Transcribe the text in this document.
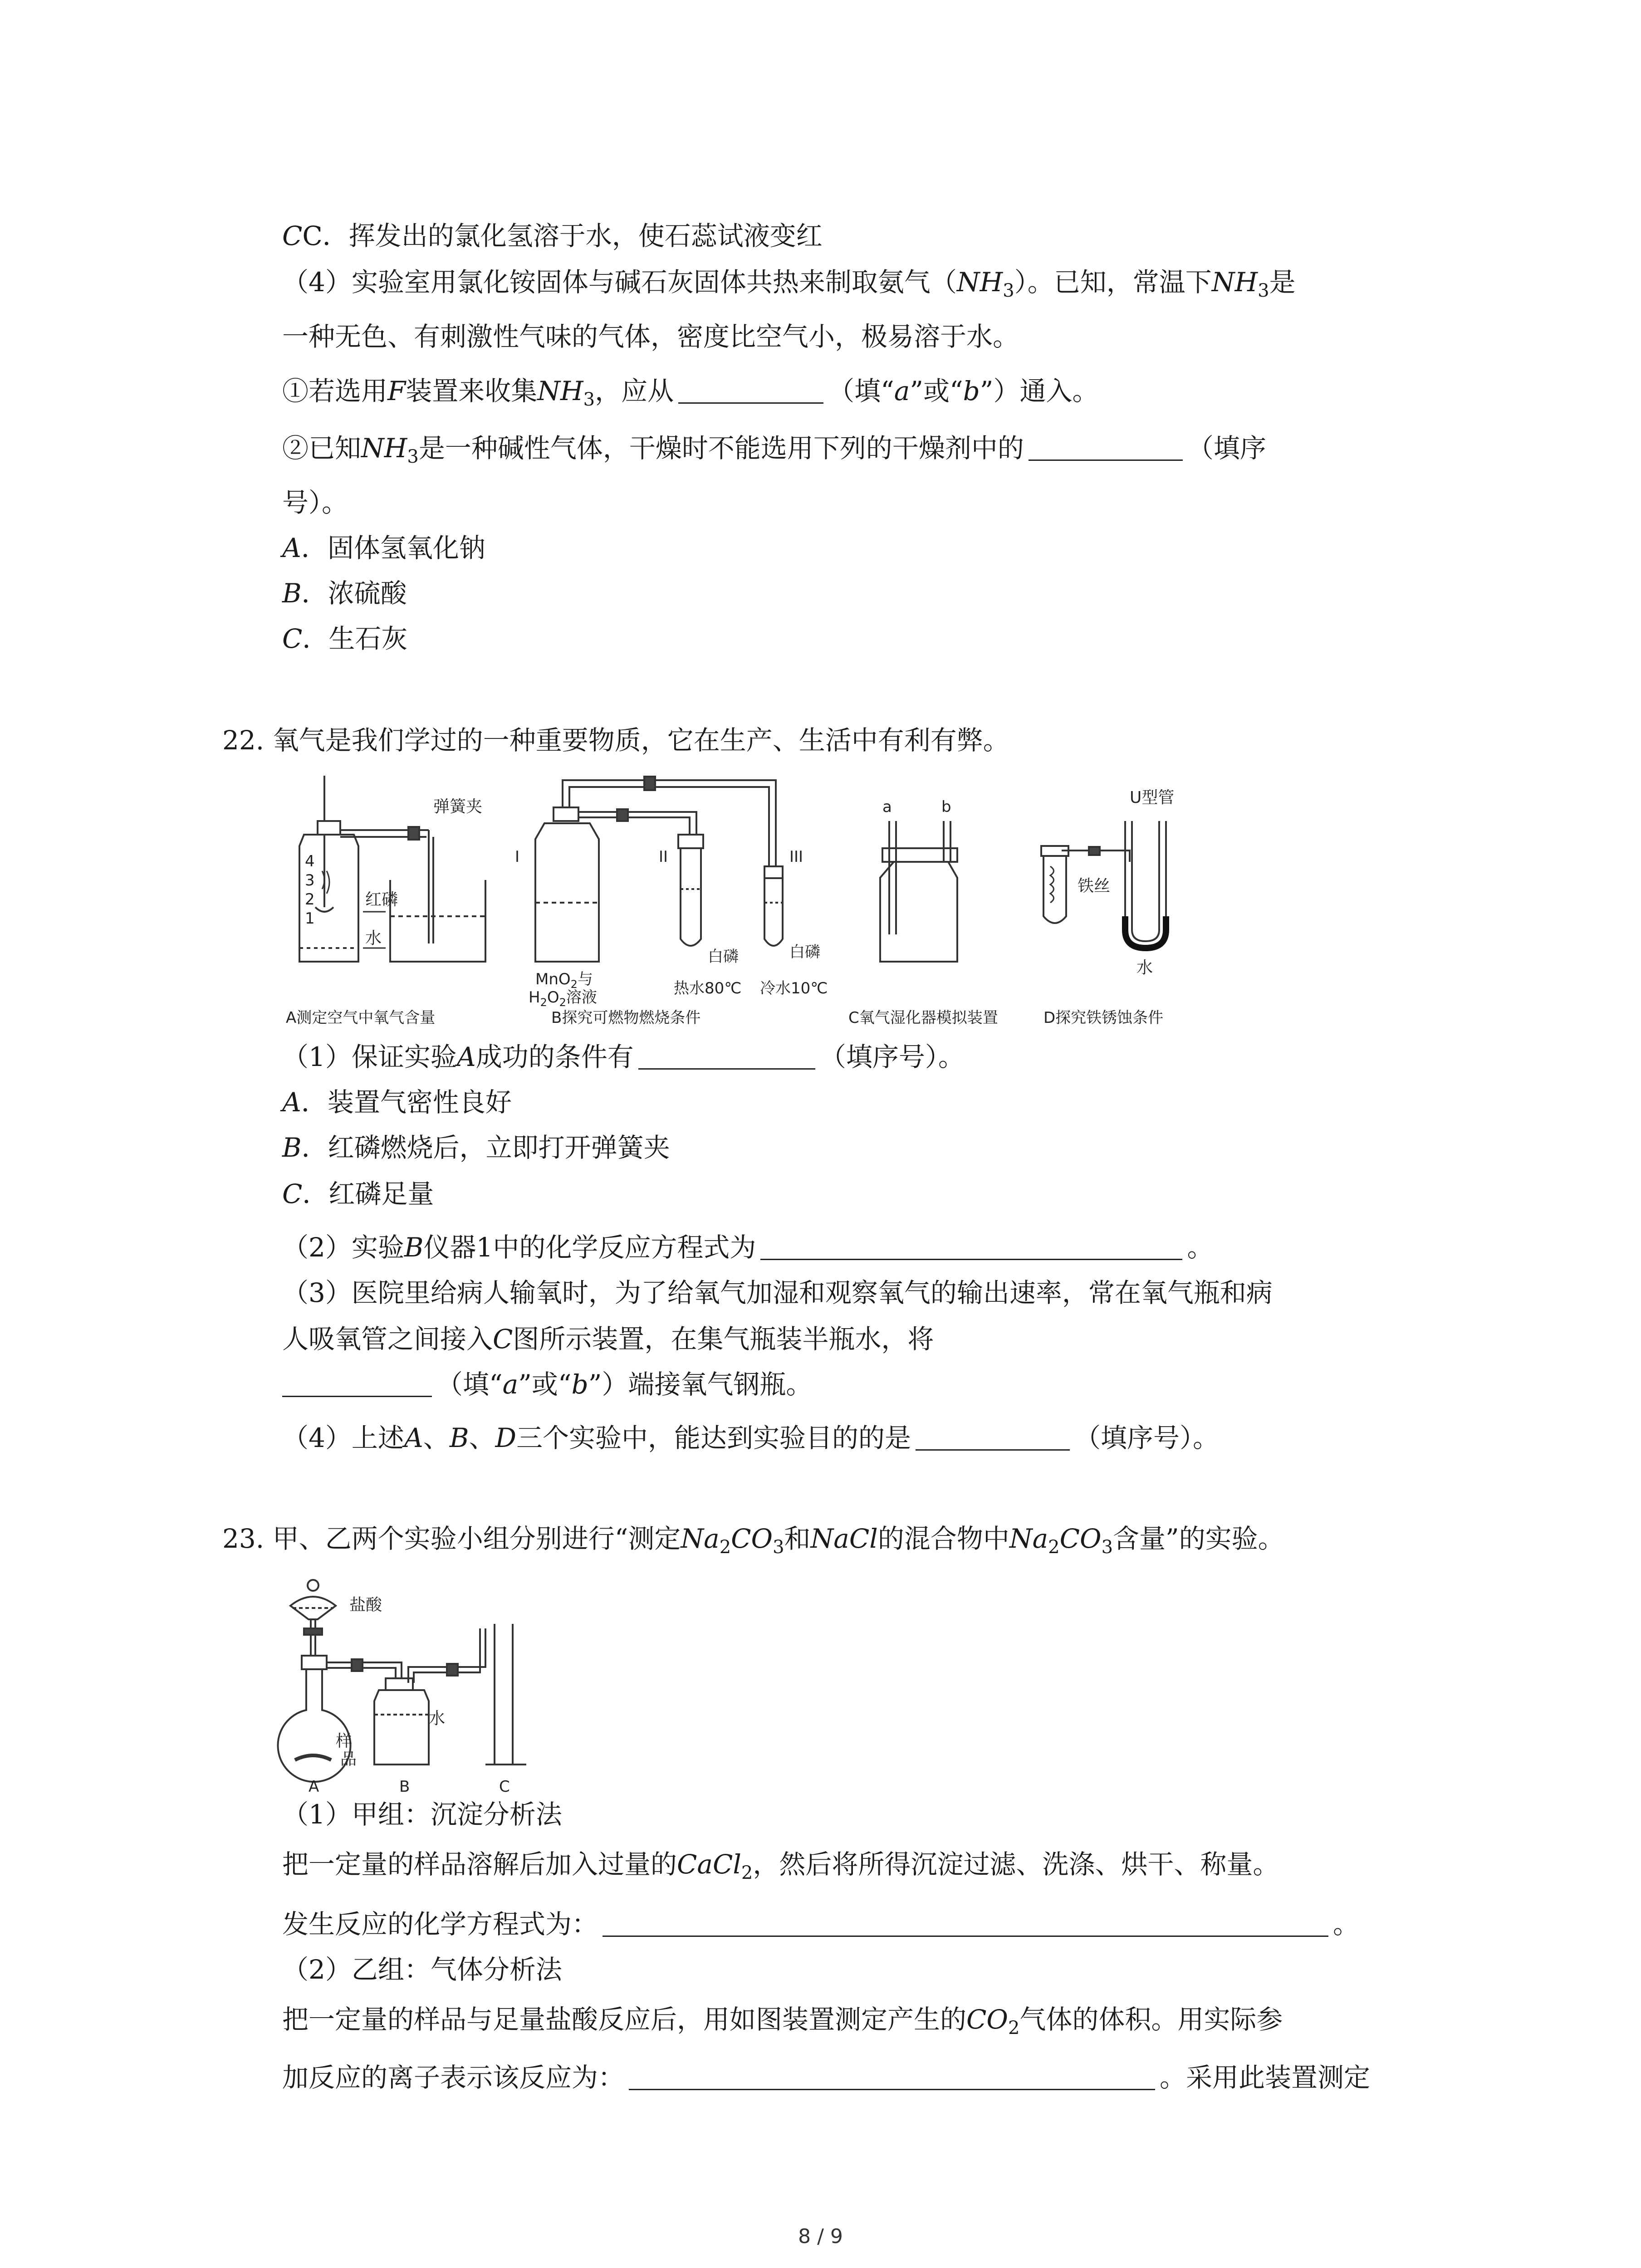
CC．挥发出的氯化氢溶于水，使石蕊试液变红
（4）实验室用氯化铵固体与碱石灰固体共热来制取氨气$(NH_3)$。已知，常温下$NH_3$是
一种无色、有刺激性气味的气体，密度比空气小，极易溶于水。
①若选用F装置来收集$NH_3$，应从	（填“a”或“b”）通入。
②已知$NH_3$是一种碱性气体，干燥时不能选用下列的干燥剂中的	（填序
号）。
A．固体氢氧化钠
B．浓硫酸
C．生石灰
22. 氧气是我们学过的一种重要物质，它在生产、生活中有利有弊。
弹簧夹
4
3
2
1
红磷
水
A测定空气中氧气含量
I	II	III
MnO$_2$与
$H_2O_2$溶液
白磷	白磷
热水80℃ 冷水10℃
B探究可燃物燃烧条件
a	b
C氧气湿化器模拟装置
U型管
铁丝
水
D探究铁锈蚀条件
（1）保证实验A成功的条件有	（填序号）。
A．装置气密性良好
B．红磷燃烧后，立即打开弹簧夹
C．红磷足量
（2）实验B仪器1中的化学反应方程式为	。
（3）医院里给病人输氧时，为了给氧气加湿和观察氧气的输出速率，常在氧气瓶和病
人吸氧管之间接入C图所示装置，在集气瓶装半瓶水，将
（填“a”或“b”）端接氧气钢瓶。
（4）上述A、B、D三个实验中，能达到实验目的的是	（填序号）。
23. 甲、乙两个实验小组分别进行“测定$Na_2CO_3$和NaCl的混合物中$Na_2CO_3$含量”的实验。
盐酸
水
样
品
A	B	C
（1）甲组：沉淀分析法
把一定量的样品溶解后加入过量的CaCl$_2$，然后将所得沉淀过滤、洗涤、烘干、称量。
发生反应的化学方程式为：	。
（2）乙组：气体分析法
把一定量的样品与足量盐酸反应后，用如图装置测定产生的$CO_2$气体的体积。用实际参
加反应的离子表示该反应为：	。采用此装置测定
8 / 9
